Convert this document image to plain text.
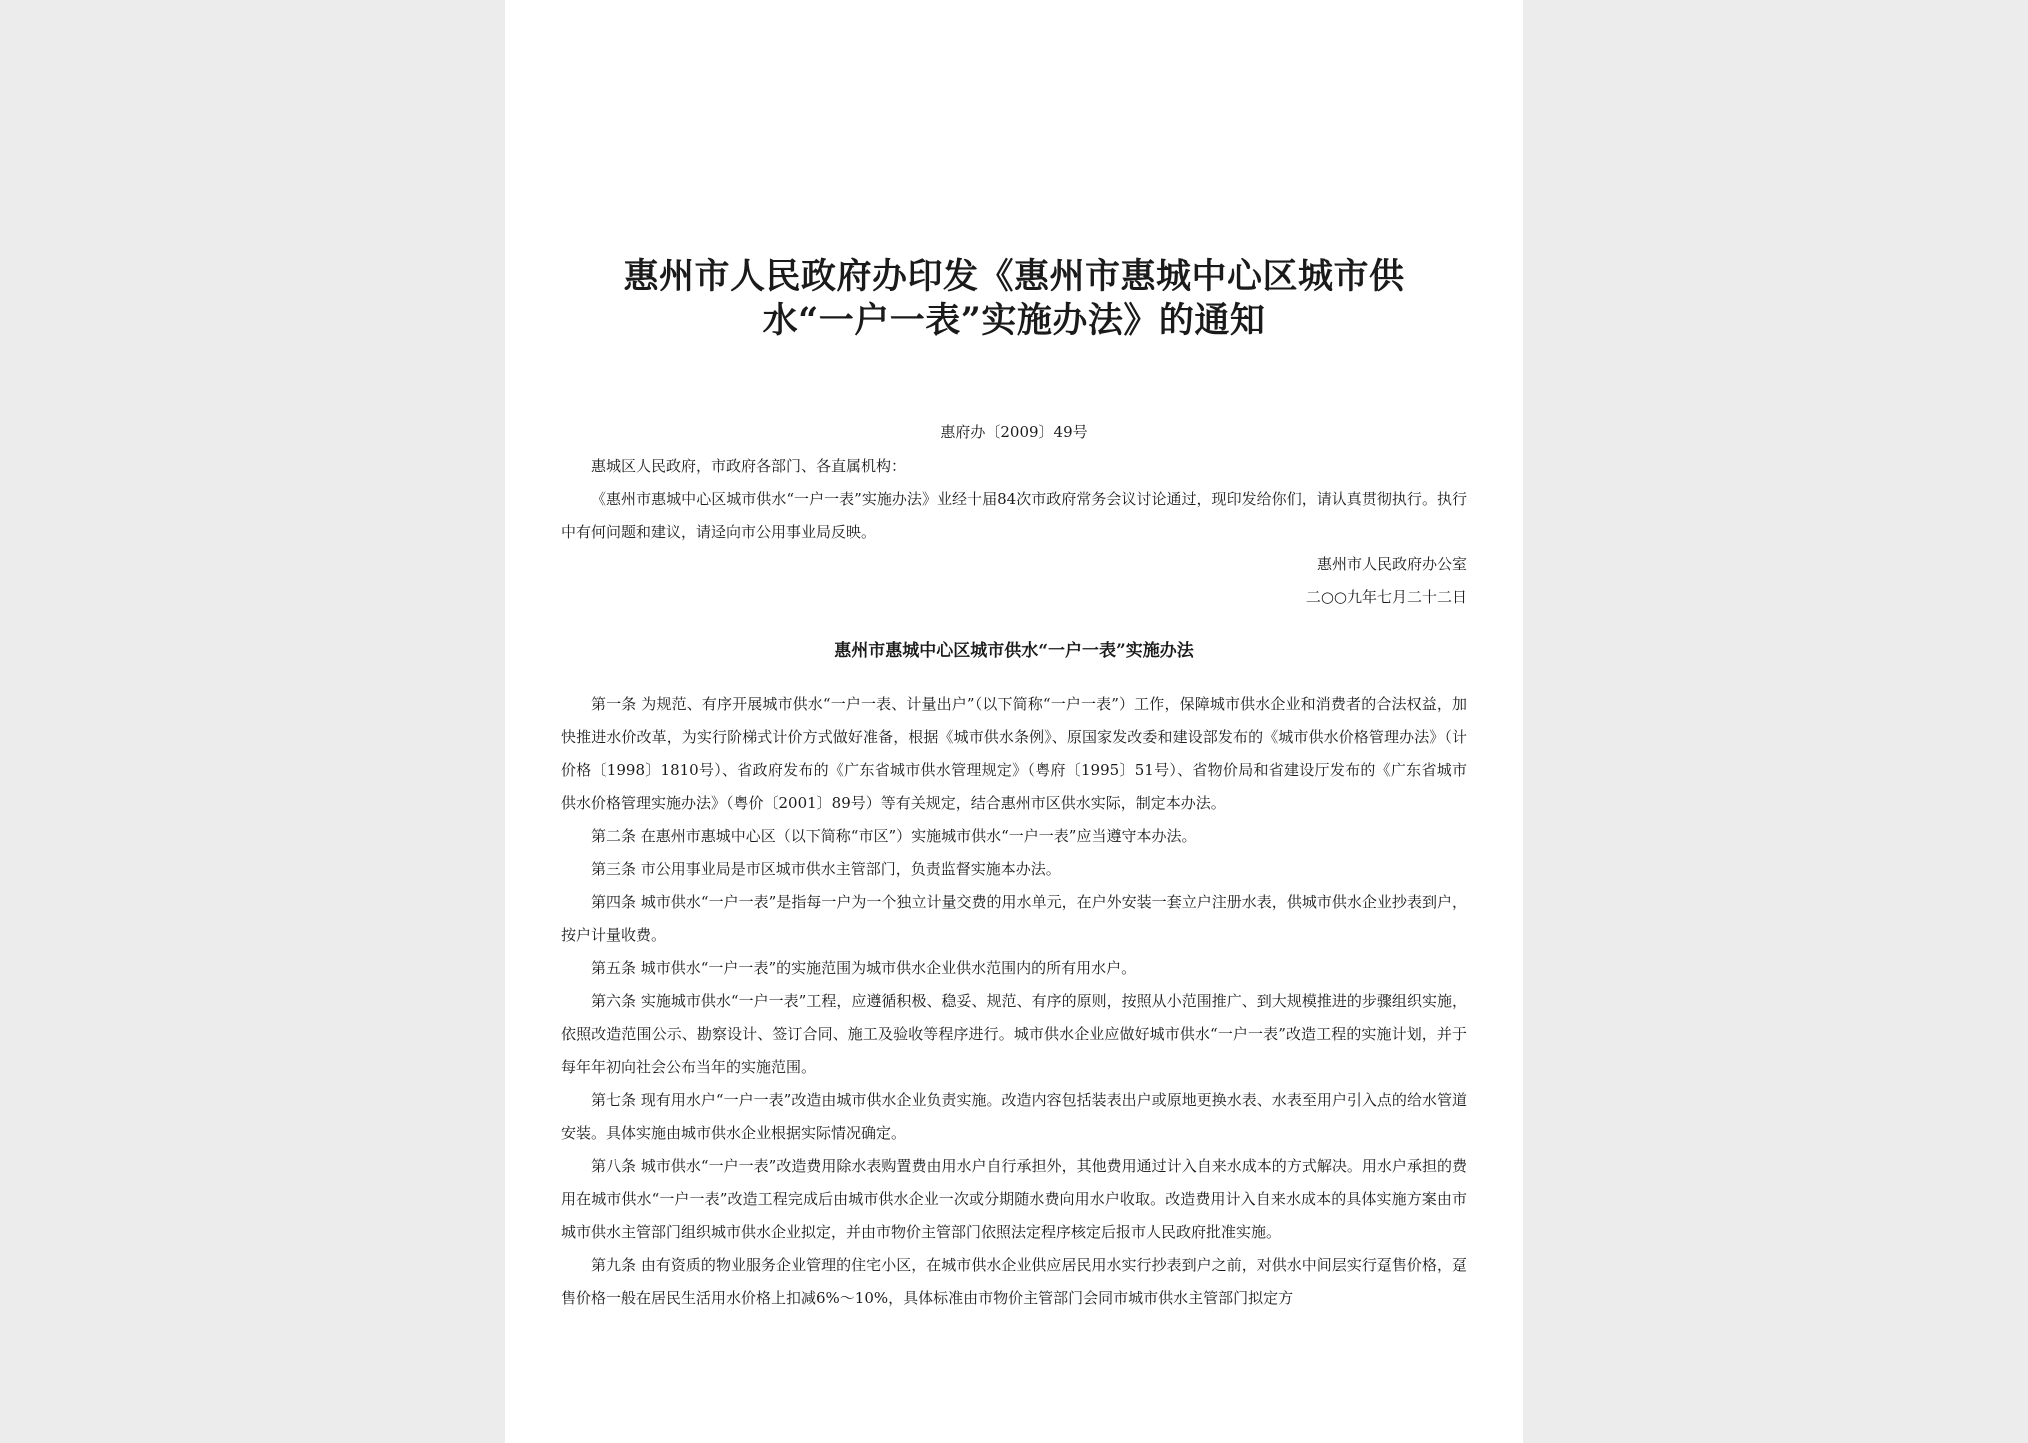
惠州市人民政府办印发《惠州市惠城中心区城市供
水“一户一表”实施办法》的通知
惠府办〔2009〕49号

惠城区人民政府，市政府各部门、各直属机构：

《惠州市惠城中心区城市供水“一户一表”实施办法》业经十届84次市政府常务会议讨论通过，现印发给你们，请认真贯彻执行。执行中有何问题和建议，请迳向市公用事业局反映。

惠州市人民政府办公室
二○○九年七月二十二日
惠州市惠城中心区城市供水“一户一表”实施办法

第一条 为规范、有序开展城市供水“一户一表、计量出户”（以下简称“一户一表”）工作，保障城市供水企业和消费者的合法权益，加快推进水价改革，为实行阶梯式计价方式做好准备，根据《城市供水条例》、原国家发改委和建设部发布的《城市供水价格管理办法》（计价格〔1998〕1810号）、省政府发布的《广东省城市供水管理规定》（粤府〔1995〕51号）、省物价局和省建设厅发布的《广东省城市供水价格管理实施办法》（粤价〔2001〕89号）等有关规定，结合惠州市区供水实际，制定本办法。

第二条 在惠州市惠城中心区（以下简称“市区”）实施城市供水“一户一表”应当遵守本办法。

第三条 市公用事业局是市区城市供水主管部门，负责监督实施本办法。

第四条 城市供水“一户一表”是指每一户为一个独立计量交费的用水单元，在户外安装一套立户注册水表，供城市供水企业抄表到户，按户计量收费。

第五条 城市供水“一户一表”的实施范围为城市供水企业供水范围内的所有用水户。

第六条 实施城市供水“一户一表”工程，应遵循积极、稳妥、规范、有序的原则，按照从小范围推广、到大规模推进的步骤组织实施，依照改造范围公示、勘察设计、签订合同、施工及验收等程序进行。城市供水企业应做好城市供水“一户一表”改造工程的实施计划，并于每年年初向社会公布当年的实施范围。

第七条 现有用水户“一户一表”改造由城市供水企业负责实施。改造内容包括装表出户或原地更换水表、水表至用户引入点的给水管道安装。具体实施由城市供水企业根据实际情况确定。

第八条 城市供水“一户一表”改造费用除水表购置费由用水户自行承担外，其他费用通过计入自来水成本的方式解决。用水户承担的费用在城市供水“一户一表”改造工程完成后由城市供水企业一次或分期随水费向用水户收取。改造费用计入自来水成本的具体实施方案由市城市供水主管部门组织城市供水企业拟定，并由市物价主管部门依照法定程序核定后报市人民政府批准实施。

第九条 由有资质的物业服务企业管理的住宅小区，在城市供水企业供应居民用水实行抄表到户之前，对供水中间层实行趸售价格，趸售价格一般在居民生活用水价格上扣减6%～10%，具体标准由市物价主管部门会同市城市供水主管部门拟定方
